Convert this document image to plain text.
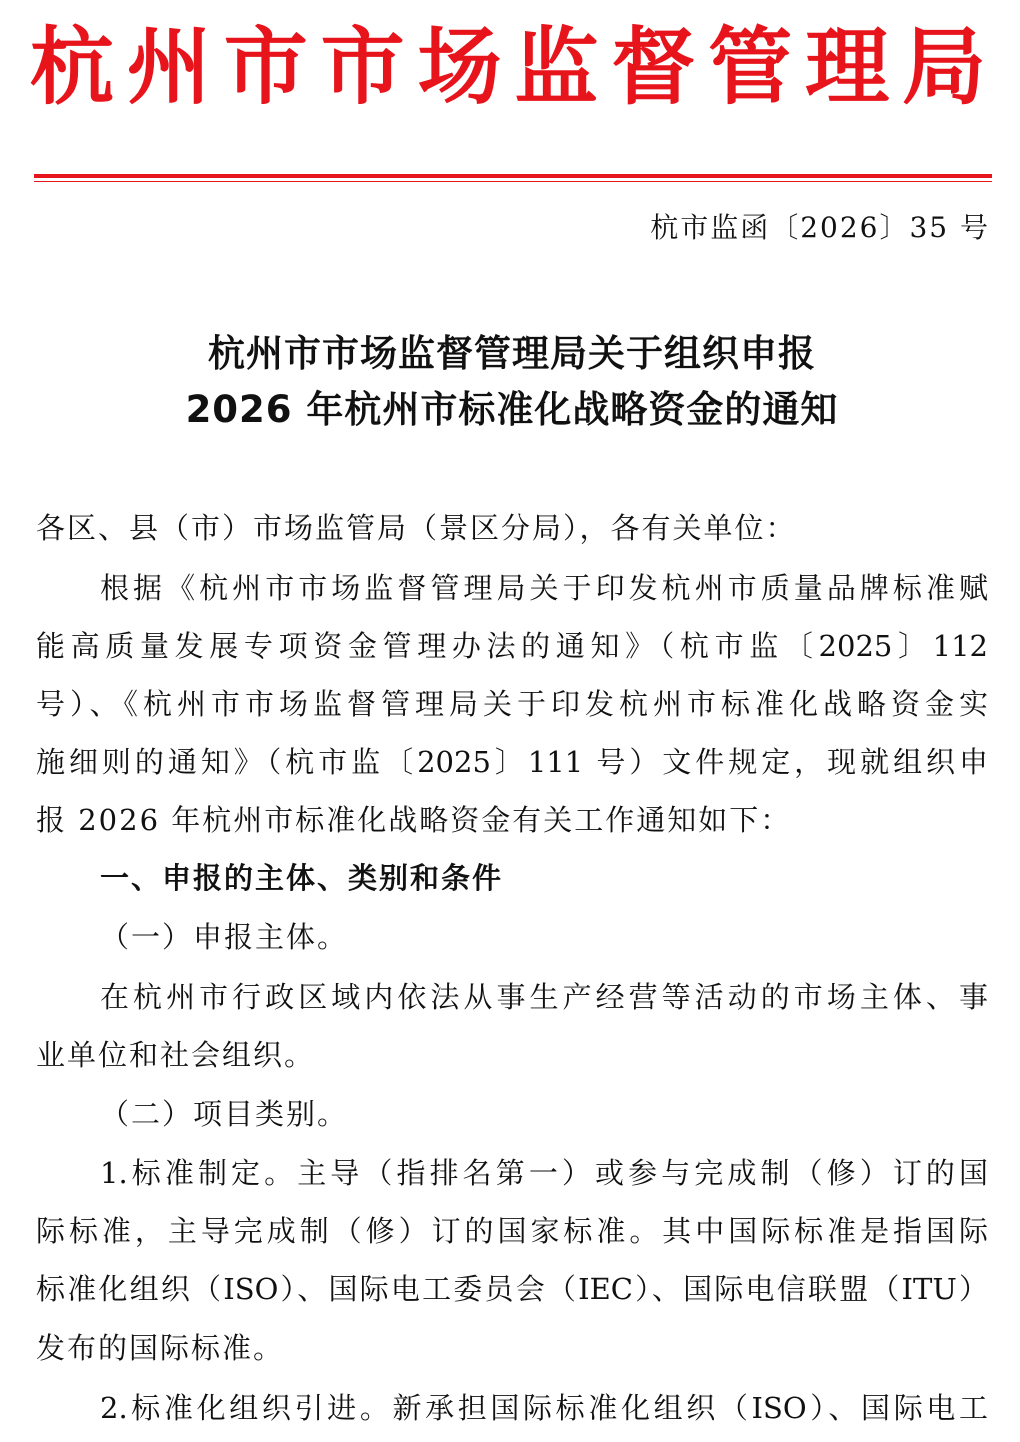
杭州市市场监督管理局
杭市监函〔2026〕35 号
杭州市市场监督管理局关于组织申报
2026 年杭州市标准化战略资金的通知
各区、县（市）市场监管局（景区分局），各有关单位：
根据《杭州市市场监督管理局关于印发杭州市质量品牌标准赋
能高质量发展专项资金管理办法的通知》（杭市监〔2025〕112
号）、《杭州市市场监督管理局关于印发杭州市标准化战略资金实
施细则的通知》（杭市监〔2025〕111 号）文件规定，现就组织申
报 2026 年杭州市标准化战略资金有关工作通知如下：
一、申报的主体、类别和条件
（一）申报主体。
在杭州市行政区域内依法从事生产经营等活动的市场主体、事
业单位和社会组织。
（二）项目类别。
1.标准制定。主导（指排名第一）或参与完成制（修）订的国
际标准，主导完成制（修）订的国家标准。其中国际标准是指国际
标准化组织（ISO）、国际电工委员会（IEC）、国际电信联盟（ITU）
发布的国际标准。
2.标准化组织引进。新承担国际标准化组织（ISO）、国际电工
